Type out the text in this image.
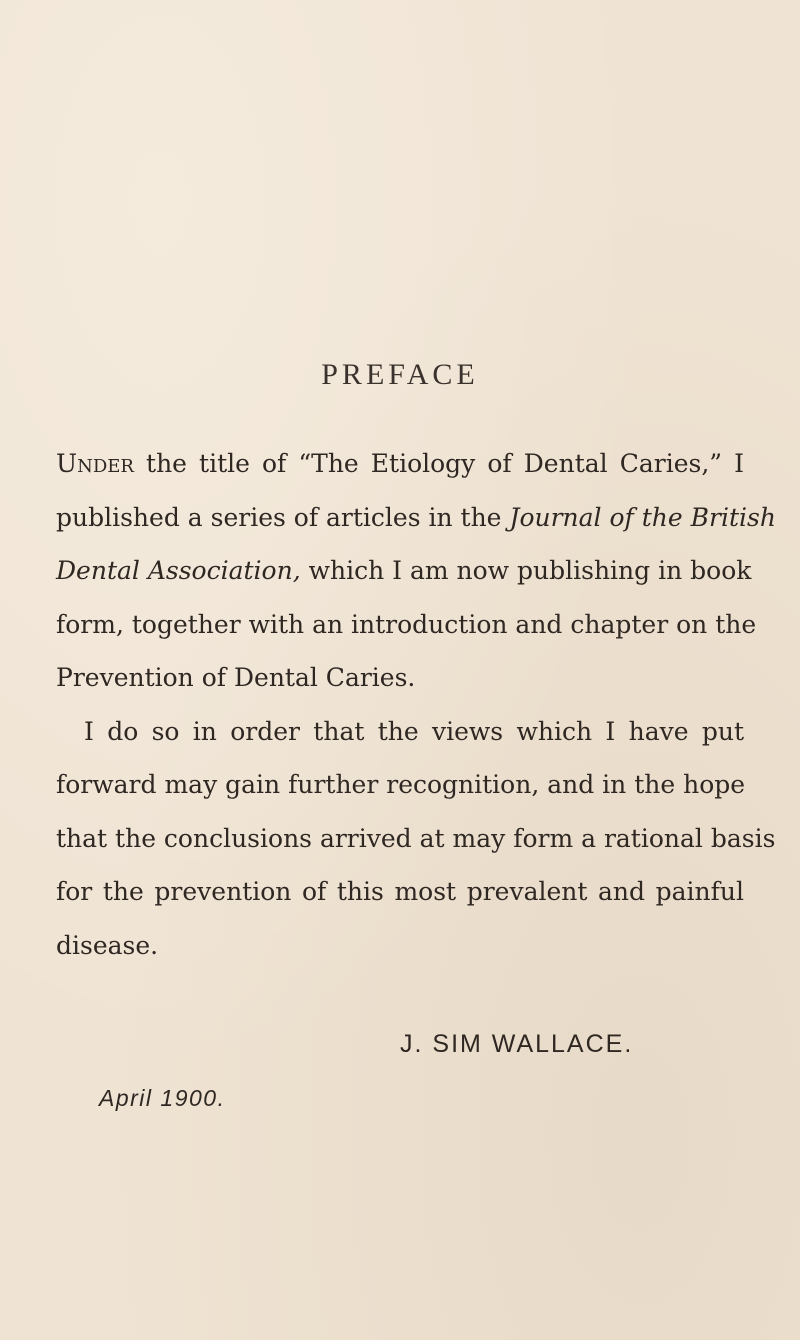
PREFACE

Under the title of “The Etiology of Dental Caries,” I
published a series of articles in the Journal of the British
Dental Association, which I am now publishing in book
form, together with an introduction and chapter on the
Prevention of Dental Caries.

I do so in order that the views which I have put
forward may gain further recognition, and in the hope
that the conclusions arrived at may form a rational basis
for the prevention of this most prevalent and painful
disease.

J. SIM WALLACE.
April 1900.
